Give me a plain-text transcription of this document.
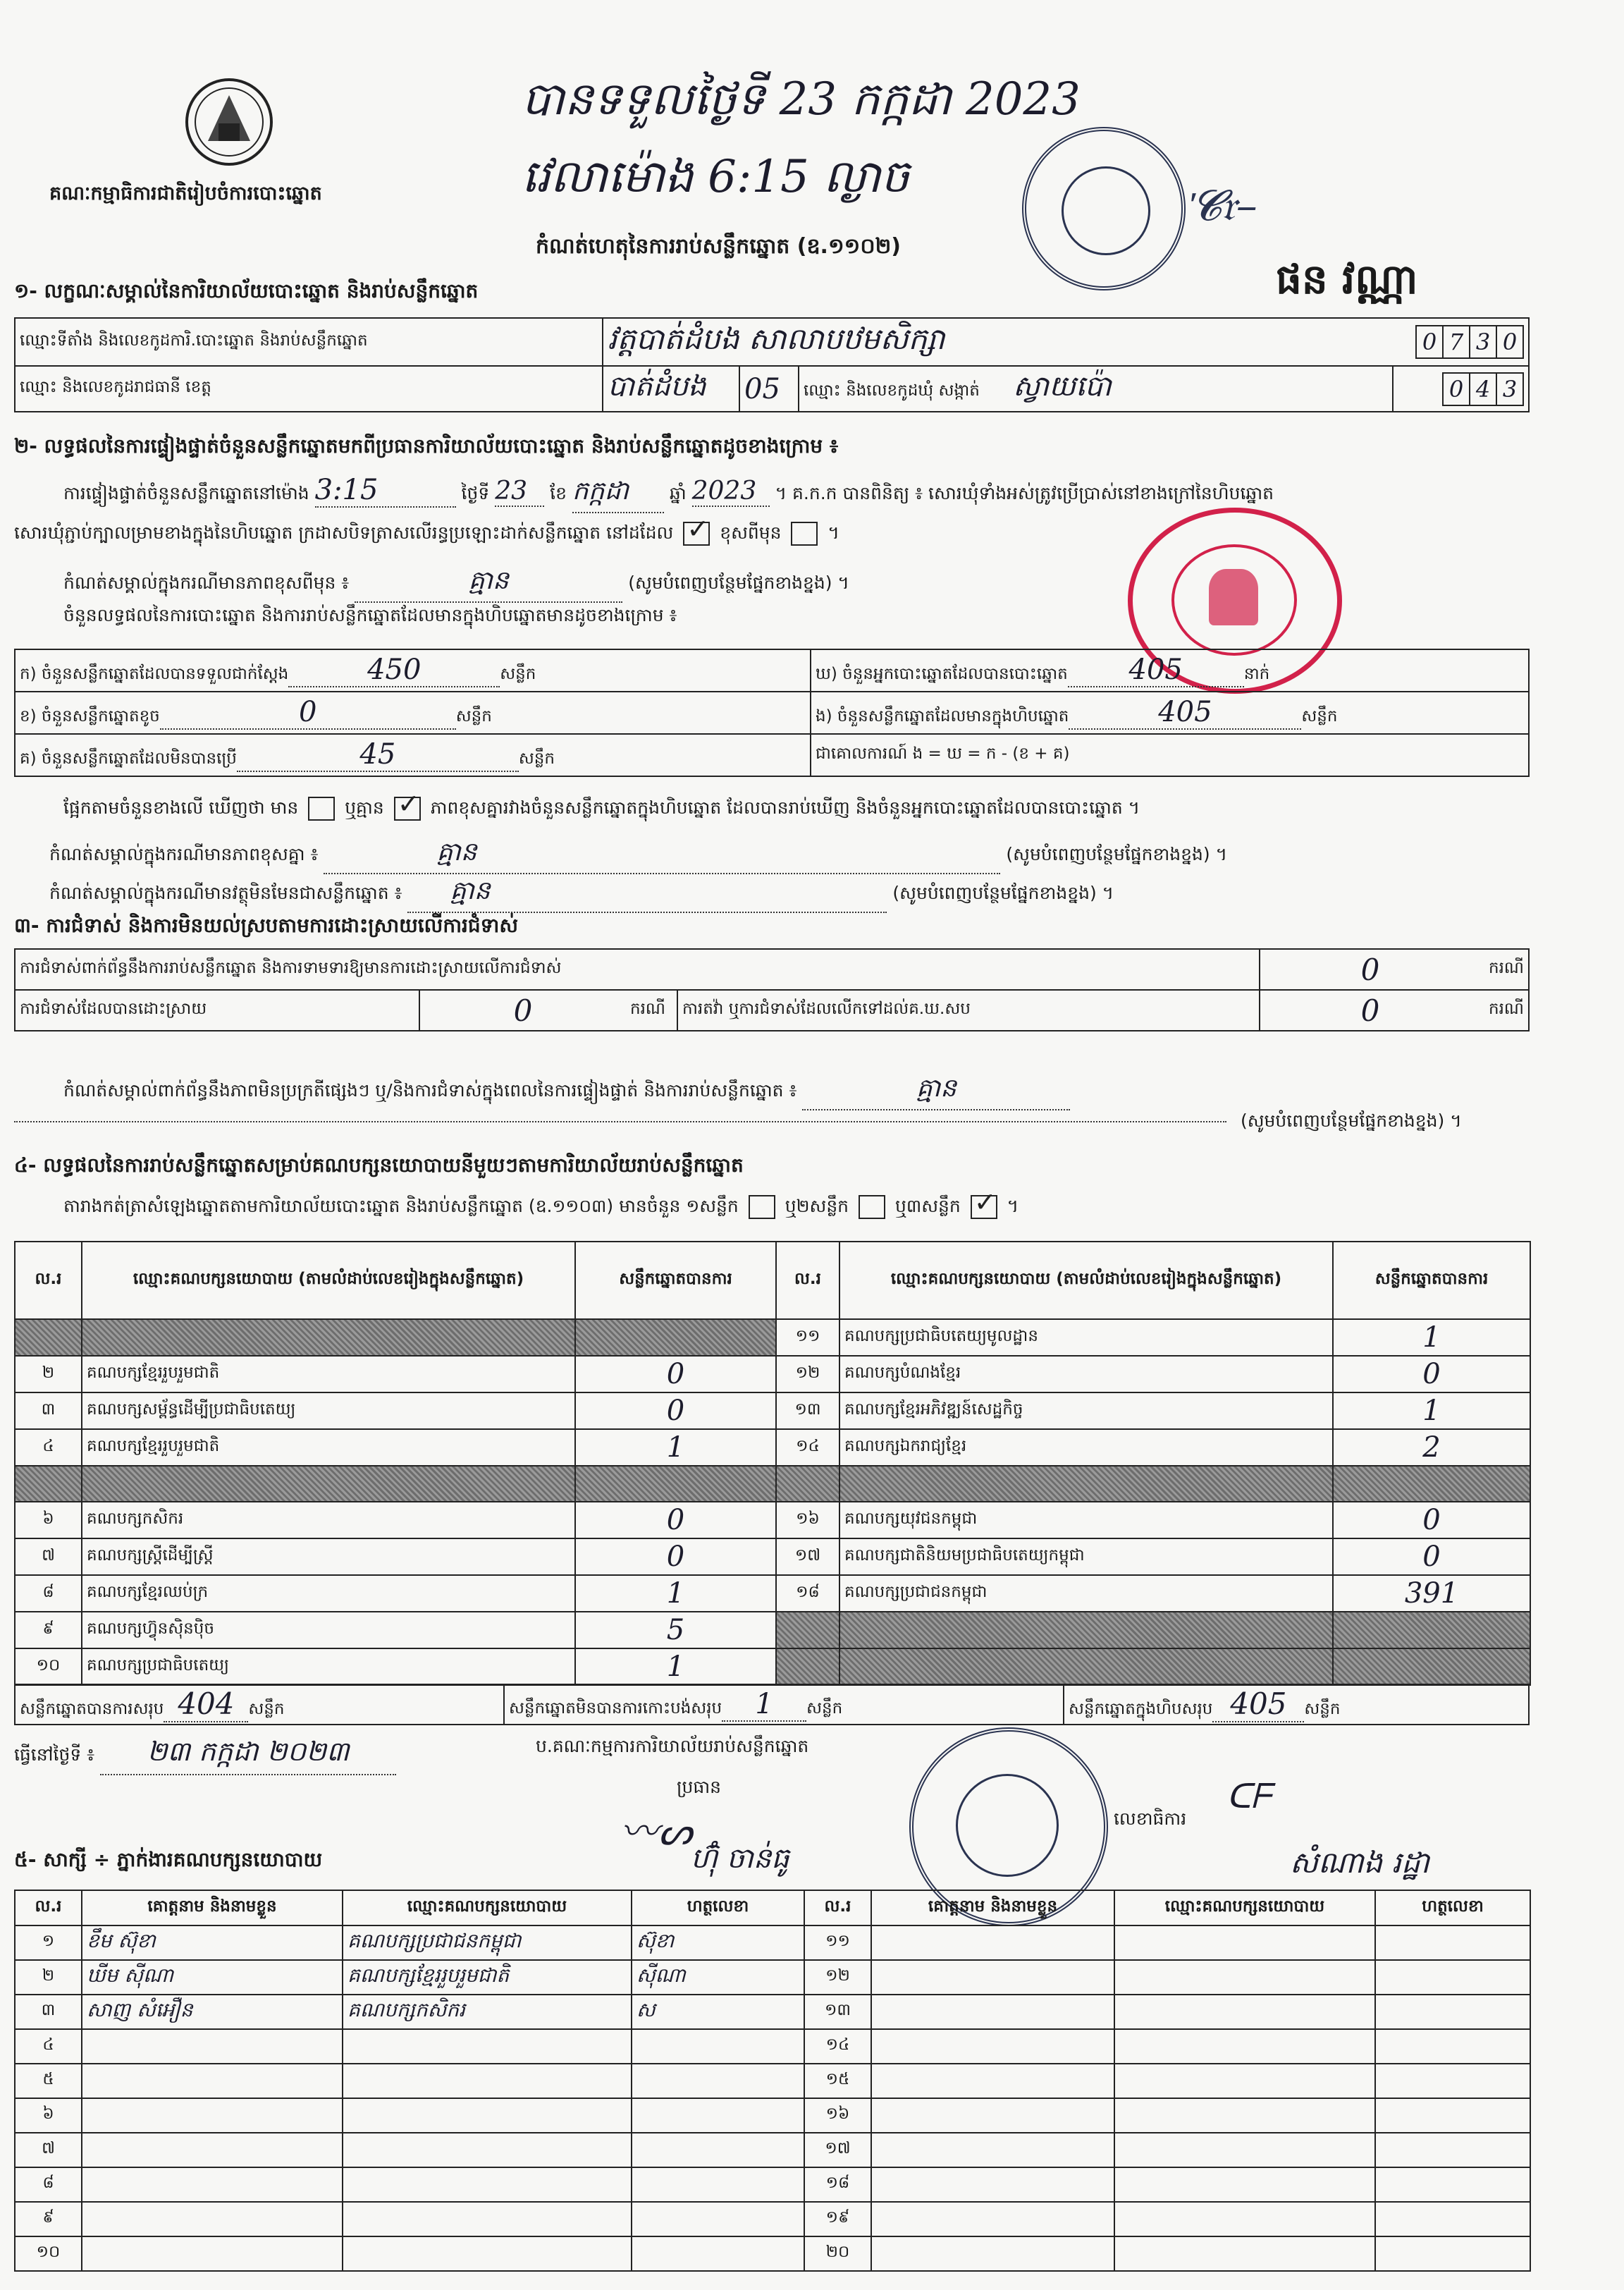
គណៈកម្មាធិការជាតិរៀបចំការបោះឆ្នោត
បានទទួលថ្ងៃទី 23 កក្កដា 2023
វេលាម៉ោង 6:15 ល្ងាច
ᡃ𝓒𝔯–
ផន វណ្ណា
កំណត់ហេតុនៃការរាប់សន្លឹកឆ្នោត (ឧ.១១០២)
១- លក្ខណៈសម្គាល់នៃការិយាល័យបោះឆ្នោត និងរាប់សន្លឹកឆ្នោត
ឈ្មោះទីតាំង និងលេខកូដការិ.បោះឆ្នោត និងរាប់សន្លឹកឆ្នោត	វត្តបាត់ដំបង សាលាបឋមសិក្សា			0 7 3 0
ឈ្មោះ និងលេខកូដរាជធានី ខេត្ត	បាត់ដំបង	05	ឈ្មោះ និងលេខកូដឃុំ សង្កាត់ ស្វាយប៉ោ	0 4 3
២- លទ្ធផលនៃការផ្ទៀងផ្ទាត់ចំនួនសន្លឹកឆ្នោតមកពីប្រធានការិយាល័យបោះឆ្នោត និងរាប់សន្លឹកឆ្នោតដូចខាងក្រោម ៖
ការផ្ទៀងផ្ទាត់ចំនួនសន្លឹកឆ្នោតនៅម៉ោង 3:15	ថ្ងៃទី 23 ខែ កក្កដា ឆ្នាំ 2023 ។ គ.ក.ក បានពិនិត្យ ៖ សោរឃុំទាំងអស់ត្រូវប្រើប្រាស់នៅខាងក្រៅនៃហិបឆ្នោត
សោរឃុំភ្ជាប់ក្បាលម្រាមខាងក្នុងនៃហិបឆ្នោត ក្រដាសបិទត្រាសលើរន្ធប្រឡោះដាក់សន្លឹកឆ្នោត នៅដដែល ✓	ខុសពីមុន  ។
កំណត់សម្គាល់ក្នុងករណីមានភាពខុសពីមុន ៖	គ្មាន	(សូមបំពេញបន្ថែមផ្នែកខាងខ្នង) ។
ចំនួនលទ្ធផលនៃការបោះឆ្នោត និងការរាប់សន្លឹកឆ្នោតដែលមានក្នុងហិបឆ្នោតមានដូចខាងក្រោម ៖
ក) ចំនួនសន្លឹកឆ្នោតដែលបានទទួលជាក់ស្តែង 450 សន្លឹក	ឃ) ចំនួនអ្នកបោះឆ្នោតដែលបានបោះឆ្នោត 405 នាក់
ខ) ចំនួនសន្លឹកឆ្នោតខូច 0 សន្លឹក	ង) ចំនួនសន្លឹកឆ្នោតដែលមានក្នុងហិបឆ្នោត 405 សន្លឹក
គ) ចំនួនសន្លឹកឆ្នោតដែលមិនបានប្រើ 45 សន្លឹក	ជាគោលការណ៍ ង = ឃ = ក - (ខ + គ)
ផ្អែកតាមចំនួនខាងលើ ឃើញថា មាន	ឬគ្មាន ✓	ភាពខុសគ្នារវាងចំនួនសន្លឹកឆ្នោតក្នុងហិបឆ្នោត ដែលបានរាប់ឃើញ និងចំនួនអ្នកបោះឆ្នោតដែលបានបោះឆ្នោត ។
កំណត់សម្គាល់ក្នុងករណីមានភាពខុសគ្នា ៖	គ្មាន	(សូមបំពេញបន្ថែមផ្នែកខាងខ្នង) ។
កំណត់សម្គាល់ក្នុងករណីមានវត្ថុមិនមែនជាសន្លឹកឆ្នោត ៖ គ្មាន	(សូមបំពេញបន្ថែមផ្នែកខាងខ្នង) ។
៣- ការជំទាស់ និងការមិនយល់ស្របតាមការដោះស្រាយលើការជំទាស់
ការជំទាស់ពាក់ព័ន្ធនឹងការរាប់សន្លឹកឆ្នោត និងការទាមទារឱ្យមានការដោះស្រាយលើការជំទាស់				0	ករណី
ការជំទាស់ដែលបានដោះស្រាយ	0	ករណី	ការតវ៉ា ឬការជំទាស់ដែលលើកទៅដល់គ.ឃ.សប	0	ករណី
កំណត់សម្គាល់ពាក់ព័ន្ធនឹងភាពមិនប្រក្រតីផ្សេងៗ ឬ/និងការជំទាស់ក្នុងពេលនៃការផ្ទៀងផ្ទាត់ និងការរាប់សន្លឹកឆ្នោត ៖	គ្មាន
(សូមបំពេញបន្ថែមផ្នែកខាងខ្នង) ។
៤- លទ្ធផលនៃការរាប់សន្លឹកឆ្នោតសម្រាប់គណបក្សនយោបាយនីមួយៗតាមការិយាល័យរាប់សន្លឹកឆ្នោត
តារាងកត់ត្រាសំឡេងឆ្នោតតាមការិយាល័យបោះឆ្នោត និងរាប់សន្លឹកឆ្នោត (ឧ.១១០៣) មានចំនួន ១សន្លឹក	ឬ២សន្លឹក	ឬ៣សន្លឹក ✓ ។
ល.រ	ឈ្មោះគណបក្សនយោបាយ (តាមលំដាប់លេខរៀងក្នុងសន្លឹកឆ្នោត)	សន្លឹកឆ្នោតបានការ	ល.រ	ឈ្មោះគណបក្សនយោបាយ (តាមលំដាប់លេខរៀងក្នុងសន្លឹកឆ្នោត)	សន្លឹកឆ្នោតបានការ
			១១	គណបក្សប្រជាធិបតេយ្យមូលដ្ឋាន	1
២	គណបក្សខ្មែររួបរួមជាតិ	0	១២	គណបក្សបំណងខ្មែរ	0
៣	គណបក្សសម្ព័ន្ធដើម្បីប្រជាធិបតេយ្យ	0	១៣	គណបក្សខ្មែរអភិវឌ្ឍន៍សេដ្ឋកិច្ច	1
៤	គណបក្សខ្មែររួបរួមជាតិ	1	១៤	គណបក្សឯករាជ្យខ្មែរ	2

៦	គណបក្សកសិករ	0	១៦	គណបក្សយុវជនកម្ពុជា	0
៧	គណបក្សស្ត្រីដើម្បីស្ត្រី	0	១៧	គណបក្សជាតិនិយមប្រជាធិបតេយ្យកម្ពុជា	0
៨	គណបក្សខ្មែរឈប់ក្រ	1	១៨	គណបក្សប្រជាជនកម្ពុជា	391
៩	គណបក្សហ៊្វុនស៊ិនប៉ិច	5			
១០	គណបក្សប្រជាធិបតេយ្យ	1			
សន្លឹកឆ្នោតបានការសរុប 404 សន្លឹក	សន្លឹកឆ្នោតមិនបានការកោះបង់សរុប 1 សន្លឹក	សន្លឹកឆ្នោតក្នុងហិបសរុប 405 សន្លឹក
ធ្វើនៅថ្ងៃទី ៖ ២៣ កក្កដា ២០២៣	ប.គណៈកម្មការការិយាល័យរាប់សន្លឹកឆ្នោត
ប្រធាន
〰ᔕ
ហ៊ុំ ចាន់ធូ
លេខាធិការ
ᑕᖴ
សំណាង រដ្ឋា
៥- សាក្សី ÷ ភ្នាក់ងារគណបក្សនយោបាយ
ល.រ	គោត្តនាម និងនាមខ្លួន	ឈ្មោះគណបក្សនយោបាយ	ហត្ថលេខា	ល.រ	គោត្តនាម និងនាមខ្លួន	ឈ្មោះគណបក្សនយោបាយ	ហត្ថលេខា
១	ខឹម ស៊ុខា	គណបក្សប្រជាជនកម្ពុជា	ស៊ុខា	១១			
២	ឃីម ស៊ីណា	គណបក្សខ្មែររួបរួមជាតិ	ស៊ីណា	១២			
៣	សាញ សំអឿន	គណបក្សកសិករ	ស	១៣			
៤				១៤			
៥				១៥			
៦				១៦			
៧				១៧			
៨				១៨			
៩				១៩			
១០				២០			
